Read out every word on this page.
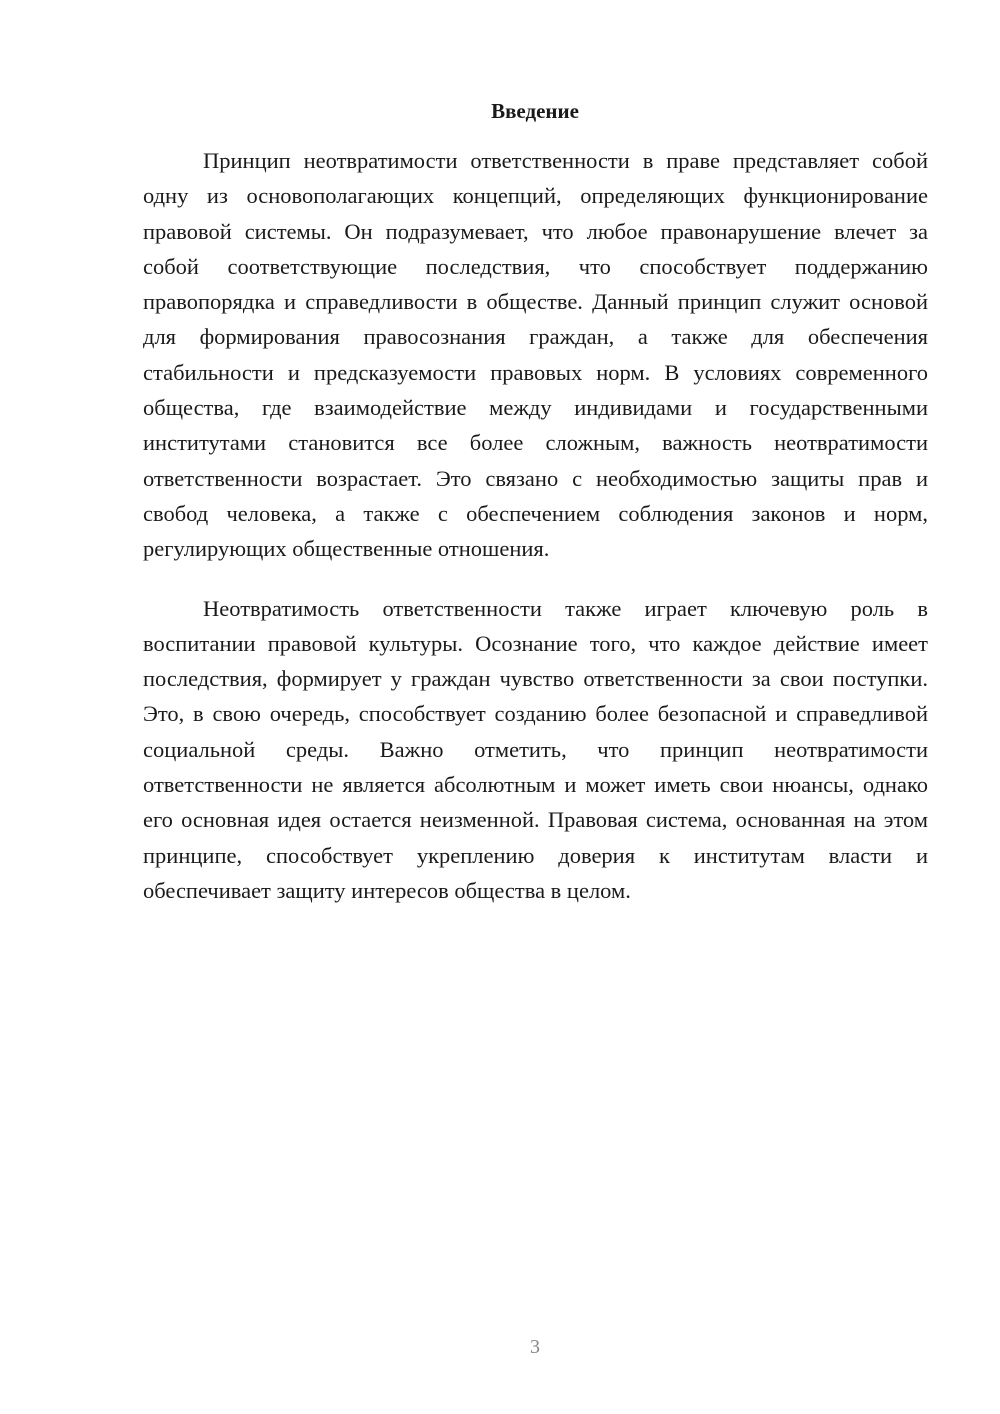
Введение

Принцип неотвратимости ответственности в праве представляет собой одну из основополагающих концепций, определяющих функционирование правовой системы. Он подразумевает, что любое правонарушение влечет за собой соответствующие последствия, что способствует поддержанию правопорядка и справедливости в обществе. Данный принцип служит основой для формирования правосознания граждан, а также для обеспечения стабильности и предсказуемости правовых норм. В условиях современного общества, где взаимодействие между индивидами и государственными институтами становится все более сложным, важность неотвратимости ответственности возрастает. Это связано с необходимостью защиты прав и свобод человека, а также с обеспечением соблюдения законов и норм, регулирующих общественные отношения.

Неотвратимость ответственности также играет ключевую роль в воспитании правовой культуры. Осознание того, что каждое действие имеет последствия, формирует у граждан чувство ответственности за свои поступки. Это, в свою очередь, способствует созданию более безопасной и справедливой социальной среды. Важно отметить, что принцип неотвратимости ответственности не является абсолютным и может иметь свои нюансы, однако его основная идея остается неизменной. Правовая система, основанная на этом принципе, способствует укреплению доверия к институтам власти и обеспечивает защиту интересов общества в целом.

3
